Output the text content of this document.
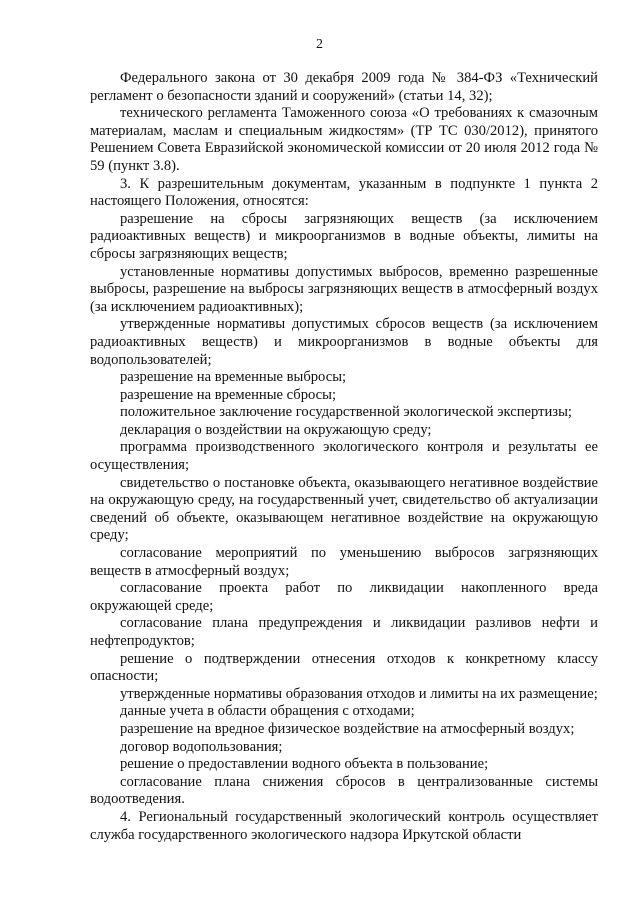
2

Федерального закона от 30 декабря 2009 года № 384-ФЗ «Технический регламент о безопасности зданий и сооружений» (статьи 14, 32);

технического регламента Таможенного союза «О требованиях к смазочным материалам, маслам и специальным жидкостям» (ТР ТС 030/2012), принятого Решением Совета Евразийской экономической комиссии от 20 июля 2012 года № 59 (пункт 3.8).

3. К разрешительным документам, указанным в подпункте 1 пункта 2 настоящего Положения, относятся:

разрешение на сбросы загрязняющих веществ (за исключением радиоактивных веществ) и микроорганизмов в водные объекты, лимиты на сбросы загрязняющих веществ;

установленные нормативы допустимых выбросов, временно разрешенные выбросы, разрешение на выбросы загрязняющих веществ в атмосферный воздух (за исключением радиоактивных);

утвержденные нормативы допустимых сбросов веществ (за исключением радиоактивных веществ) и микроорганизмов в водные объекты для водопользователей;

разрешение на временные выбросы;

разрешение на временные сбросы;

положительное заключение государственной экологической экспертизы;

декларация о воздействии на окружающую среду;

программа производственного экологического контроля и результаты ее осуществления;

свидетельство о постановке объекта, оказывающего негативное воздействие на окружающую среду, на государственный учет, свидетельство об актуализации сведений об объекте, оказывающем негативное воздействие на окружающую среду;

согласование мероприятий по уменьшению выбросов загрязняющих веществ в атмосферный воздух;

согласование проекта работ по ликвидации накопленного вреда окружающей среде;

согласование плана предупреждения и ликвидации разливов нефти и нефтепродуктов;

решение о подтверждении отнесения отходов к конкретному классу опасности;

утвержденные нормативы образования отходов и лимиты на их размещение;

данные учета в области обращения с отходами;

разрешение на вредное физическое воздействие на атмосферный воздух;

договор водопользования;

решение о предоставлении водного объекта в пользование;

согласование плана снижения сбросов в централизованные системы водоотведения.

4. Региональный государственный экологический контроль осуществляет служба государственного экологического надзора Иркутской области
